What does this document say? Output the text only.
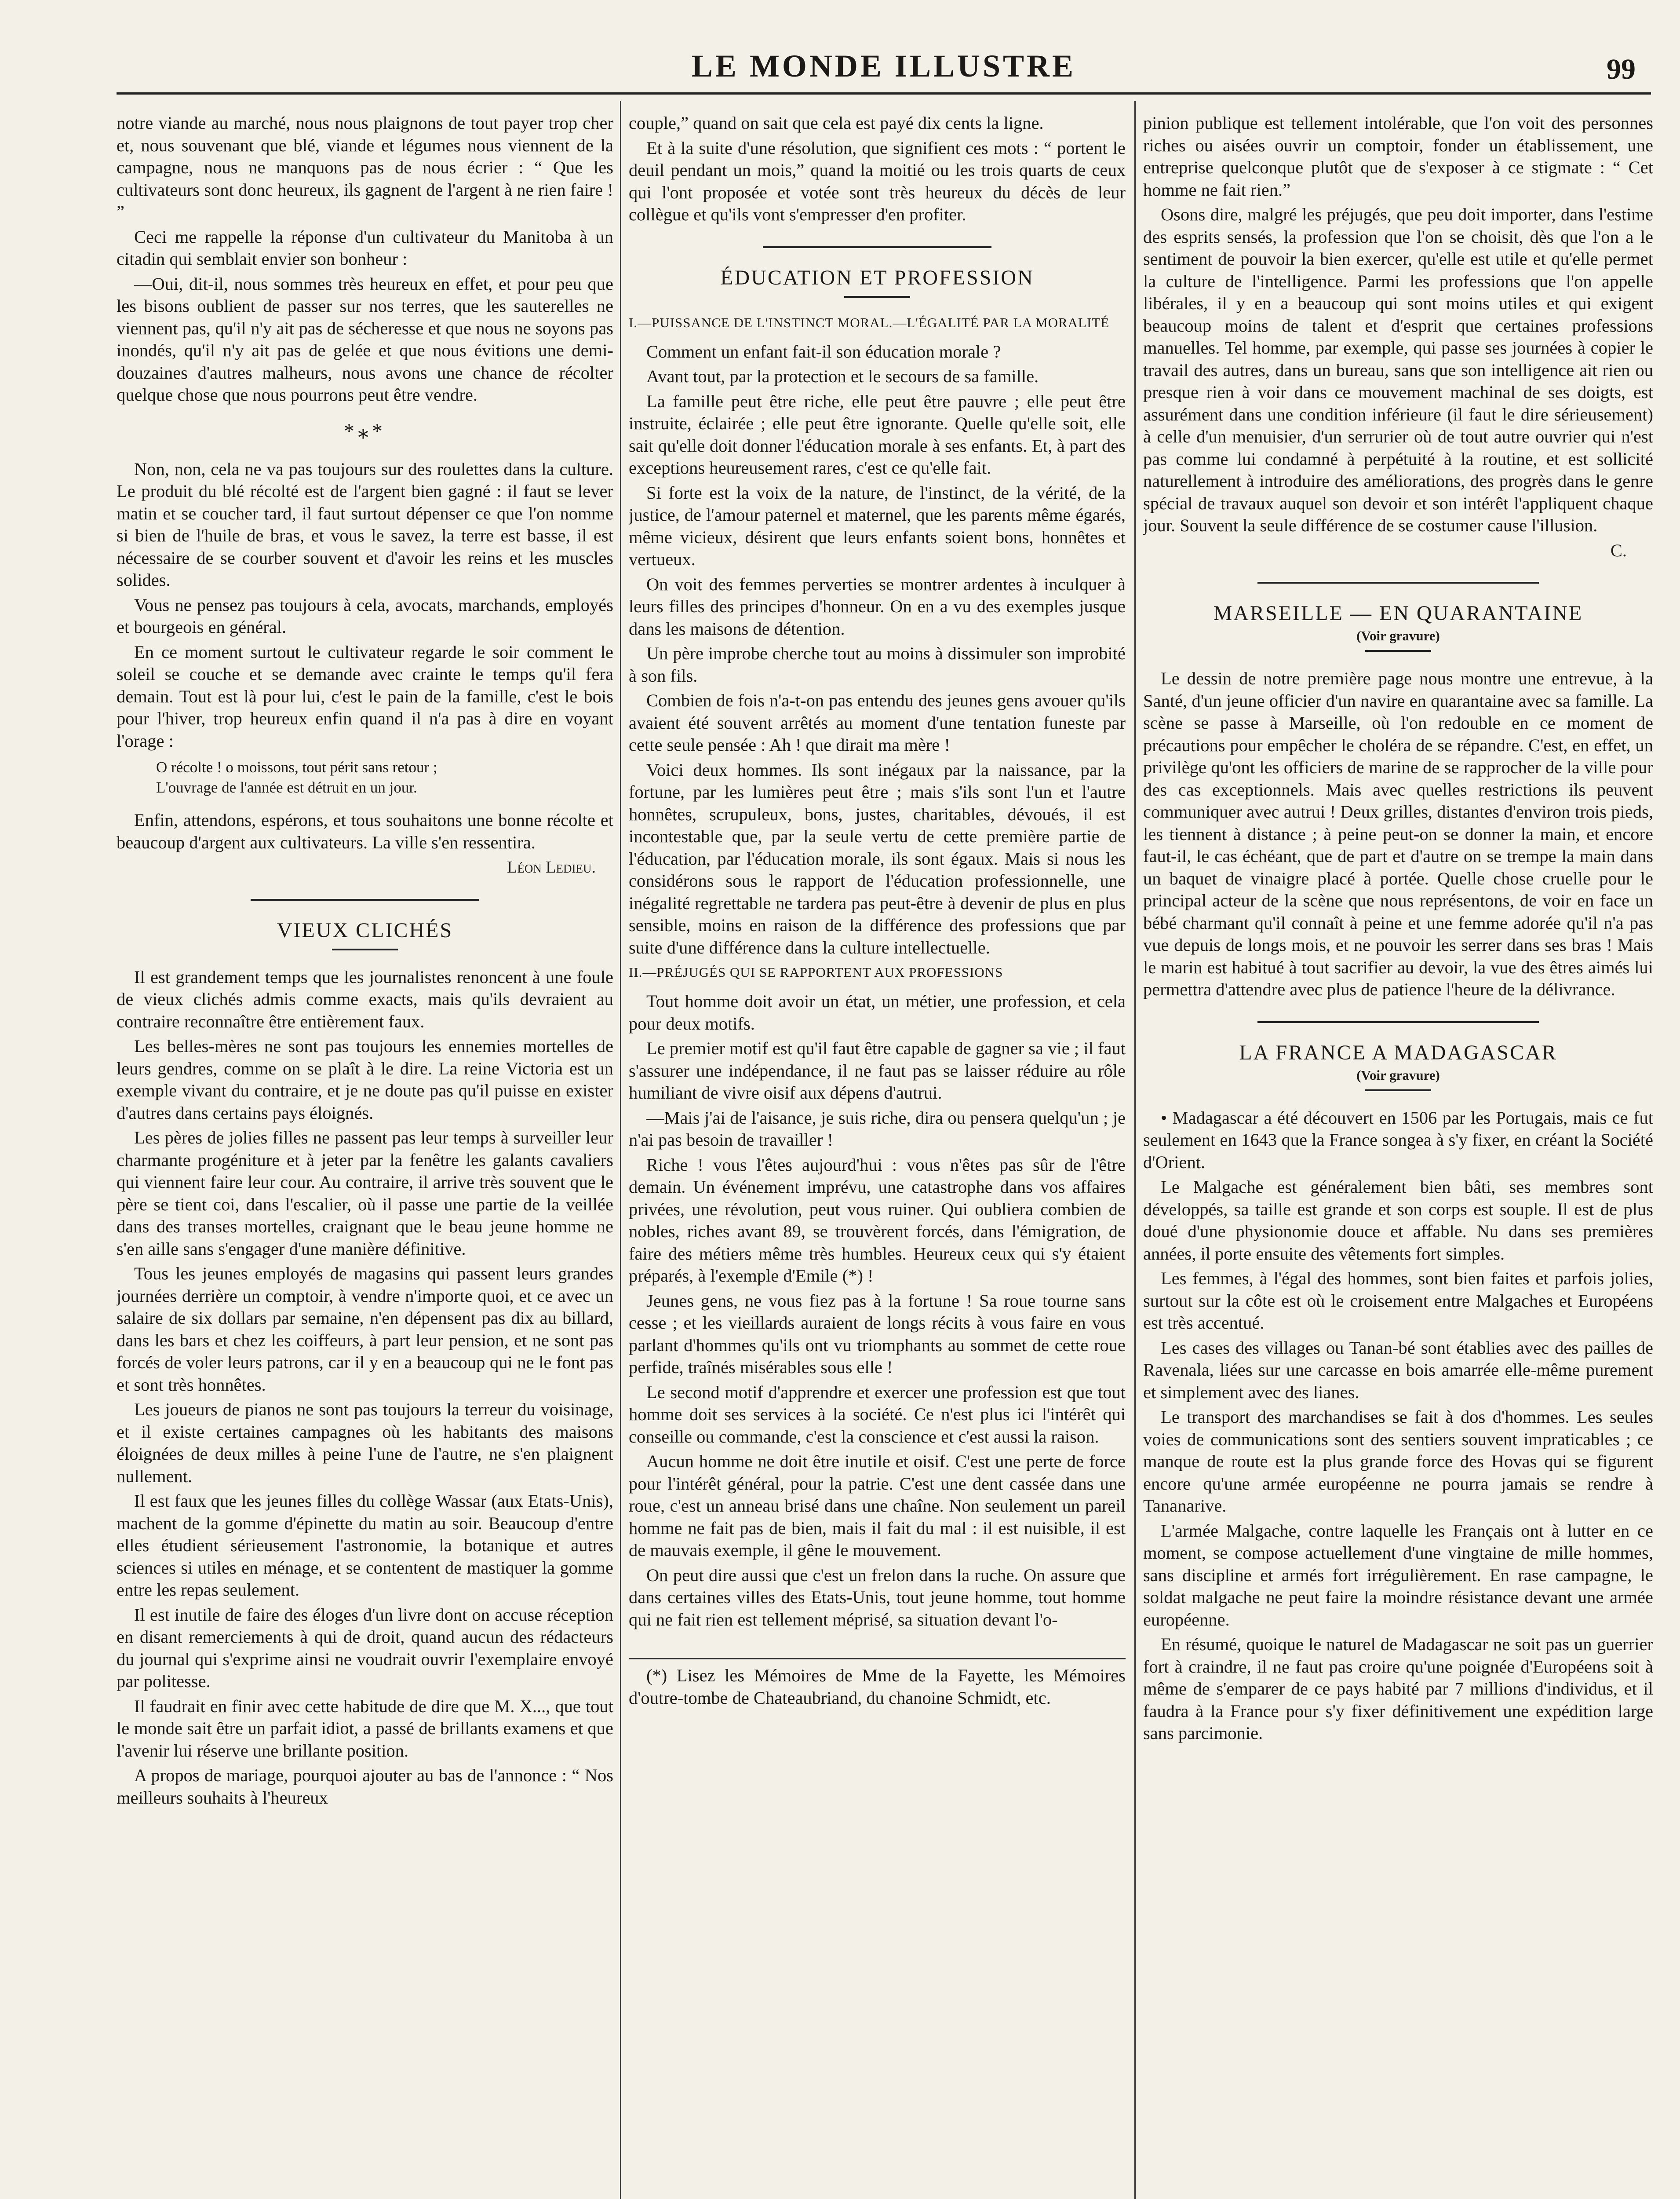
LE MONDE ILLUSTRE	99

notre viande au marché, nous nous plaignons de tout payer trop cher et, nous souvenant que blé, viande et légumes nous viennent de la campagne, nous ne manquons pas de nous écrier : “ Que les cultivateurs sont donc heureux, ils gagnent de l'argent à ne rien faire ! ”

Ceci me rappelle la réponse d'un cultivateur du Manitoba à un citadin qui semblait envier son bonheur :

—Oui, dit-il, nous sommes très heureux en effet, et pour peu que les bisons oublient de passer sur nos terres, que les sauterelles ne viennent pas, qu'il n'y ait pas de sécheresse et que nous ne soyons pas inondés, qu'il n'y ait pas de gelée et que nous évitions une demi-douzaines d'autres malheurs, nous avons une chance de récolter quelque chose que nous pourrons peut être vendre.

*⁎*

Non, non, cela ne va pas toujours sur des roulettes dans la culture. Le produit du blé récolté est de l'argent bien gagné : il faut se lever matin et se coucher tard, il faut surtout dépenser ce que l'on nomme si bien de l'huile de bras, et vous le savez, la terre est basse, il est nécessaire de se courber souvent et d'avoir les reins et les muscles solides.

Vous ne pensez pas toujours à cela, avocats, marchands, employés et bourgeois en général.

En ce moment surtout le cultivateur regarde le soir comment le soleil se couche et se demande avec crainte le temps qu'il fera demain. Tout est là pour lui, c'est le pain de la famille, c'est le bois pour l'hiver, trop heureux enfin quand il n'a pas à dire en voyant l'orage :

O récolte ! o moissons, tout périt sans retour ;
L'ouvrage de l'année est détruit en un jour.

Enfin, attendons, espérons, et tous souhaitons une bonne récolte et beaucoup d'argent aux cultivateurs. La ville s'en ressentira.

Léon Ledieu.

VIEUX CLICHÉS

Il est grandement temps que les journalistes renoncent à une foule de vieux clichés admis comme exacts, mais qu'ils devraient au contraire reconnaître être entièrement faux.

Les belles-mères ne sont pas toujours les ennemies mortelles de leurs gendres, comme on se plaît à le dire. La reine Victoria est un exemple vivant du contraire, et je ne doute pas qu'il puisse en exister d'autres dans certains pays éloignés.

Les pères de jolies filles ne passent pas leur temps à surveiller leur charmante progéniture et à jeter par la fenêtre les galants cavaliers qui viennent faire leur cour. Au contraire, il arrive très souvent que le père se tient coi, dans l'escalier, où il passe une partie de la veillée dans des transes mortelles, craignant que le beau jeune homme ne s'en aille sans s'engager d'une manière définitive.

Tous les jeunes employés de magasins qui passent leurs grandes journées derrière un comptoir, à vendre n'importe quoi, et ce avec un salaire de six dollars par semaine, n'en dépensent pas dix au billard, dans les bars et chez les coiffeurs, à part leur pension, et ne sont pas forcés de voler leurs patrons, car il y en a beaucoup qui ne le font pas et sont très honnêtes.

Les joueurs de pianos ne sont pas toujours la terreur du voisinage, et il existe certaines campagnes où les habitants des maisons éloignées de deux milles à peine l'une de l'autre, ne s'en plaignent nullement.

Il est faux que les jeunes filles du collège Wassar (aux Etats-Unis), machent de la gomme d'épinette du matin au soir. Beaucoup d'entre elles étudient sérieusement l'astronomie, la botanique et autres sciences si utiles en ménage, et se contentent de mastiquer la gomme entre les repas seulement.

Il est inutile de faire des éloges d'un livre dont on accuse réception en disant remerciements à qui de droit, quand aucun des rédacteurs du journal qui s'exprime ainsi ne voudrait ouvrir l'exemplaire envoyé par politesse.

Il faudrait en finir avec cette habitude de dire que M. X..., que tout le monde sait être un parfait idiot, a passé de brillants examens et que l'avenir lui réserve une brillante position.

A propos de mariage, pourquoi ajouter au bas de l'annonce : “ Nos meilleurs souhaits à l'heureux

couple,” quand on sait que cela est payé dix cents la ligne.

Et à la suite d'une résolution, que signifient ces mots : “ portent le deuil pendant un mois,” quand la moitié ou les trois quarts de ceux qui l'ont proposée et votée sont très heureux du décès de leur collègue et qu'ils vont s'empresser d'en profiter.

ÉDUCATION ET PROFESSION
I.—PUISSANCE DE L'INSTINCT MORAL.—L'ÉGALITÉ PAR LA MORALITÉ

Comment un enfant fait-il son éducation morale ?

Avant tout, par la protection et le secours de sa famille.

La famille peut être riche, elle peut être pauvre ; elle peut être instruite, éclairée ; elle peut être ignorante. Quelle qu'elle soit, elle sait qu'elle doit donner l'éducation morale à ses enfants. Et, à part des exceptions heureusement rares, c'est ce qu'elle fait.

Si forte est la voix de la nature, de l'instinct, de la vérité, de la justice, de l'amour paternel et maternel, que les parents même égarés, même vicieux, désirent que leurs enfants soient bons, honnêtes et vertueux.

On voit des femmes perverties se montrer ardentes à inculquer à leurs filles des principes d'honneur. On en a vu des exemples jusque dans les maisons de détention.

Un père improbe cherche tout au moins à dissimuler son improbité à son fils.

Combien de fois n'a-t-on pas entendu des jeunes gens avouer qu'ils avaient été souvent arrêtés au moment d'une tentation funeste par cette seule pensée : Ah ! que dirait ma mère !

Voici deux hommes. Ils sont inégaux par la naissance, par la fortune, par les lumières peut être ; mais s'ils sont l'un et l'autre honnêtes, scrupuleux, bons, justes, charitables, dévoués, il est incontestable que, par la seule vertu de cette première partie de l'éducation, par l'éducation morale, ils sont égaux. Mais si nous les considérons sous le rapport de l'éducation professionnelle, une inégalité regrettable ne tardera pas peut-être à devenir de plus en plus sensible, moins en raison de la différence des professions que par suite d'une différence dans la culture intellectuelle.

II.—PRÉJUGÉS QUI SE RAPPORTENT AUX PROFESSIONS

Tout homme doit avoir un état, un métier, une profession, et cela pour deux motifs.

Le premier motif est qu'il faut être capable de gagner sa vie ; il faut s'assurer une indépendance, il ne faut pas se laisser réduire au rôle humiliant de vivre oisif aux dépens d'autrui.

—Mais j'ai de l'aisance, je suis riche, dira ou pensera quelqu'un ; je n'ai pas besoin de travailler !

Riche ! vous l'êtes aujourd'hui : vous n'êtes pas sûr de l'être demain. Un événement imprévu, une catastrophe dans vos affaires privées, une révolution, peut vous ruiner. Qui oubliera combien de nobles, riches avant 89, se trouvèrent forcés, dans l'émigration, de faire des métiers même très humbles. Heureux ceux qui s'y étaient préparés, à l'exemple d'Emile (*) !

Jeunes gens, ne vous fiez pas à la fortune ! Sa roue tourne sans cesse ; et les vieillards auraient de longs récits à vous faire en vous parlant d'hommes qu'ils ont vu triomphants au sommet de cette roue perfide, traînés misérables sous elle !

Le second motif d'apprendre et exercer une profession est que tout homme doit ses services à la société. Ce n'est plus ici l'intérêt qui conseille ou commande, c'est la conscience et c'est aussi la raison.

Aucun homme ne doit être inutile et oisif. C'est une perte de force pour l'intérêt général, pour la patrie. C'est une dent cassée dans une roue, c'est un anneau brisé dans une chaîne. Non seulement un pareil homme ne fait pas de bien, mais il fait du mal : il est nuisible, il est de mauvais exemple, il gêne le mouvement.

On peut dire aussi que c'est un frelon dans la ruche. On assure que dans certaines villes des Etats-Unis, tout jeune homme, tout homme qui ne fait rien est tellement méprisé, sa situation devant l'o-

(*) Lisez les Mémoires de Mme de la Fayette, les Mémoires d'outre-tombe de Chateaubriand, du chanoine Schmidt, etc.

pinion publique est tellement intolérable, que l'on voit des personnes riches ou aisées ouvrir un comptoir, fonder un établissement, une entreprise quelconque plutôt que de s'exposer à ce stigmate : “ Cet homme ne fait rien.”

Osons dire, malgré les préjugés, que peu doit importer, dans l'estime des esprits sensés, la profession que l'on se choisit, dès que l'on a le sentiment de pouvoir la bien exercer, qu'elle est utile et qu'elle permet la culture de l'intelligence. Parmi les professions que l'on appelle libérales, il y en a beaucoup qui sont moins utiles et qui exigent beaucoup moins de talent et d'esprit que certaines professions manuelles. Tel homme, par exemple, qui passe ses journées à copier le travail des autres, dans un bureau, sans que son intelligence ait rien ou presque rien à voir dans ce mouvement machinal de ses doigts, est assurément dans une condition inférieure (il faut le dire sérieusement) à celle d'un menuisier, d'un serrurier où de tout autre ouvrier qui n'est pas comme lui condamné à perpétuité à la routine, et est sollicité naturellement à introduire des améliorations, des progrès dans le genre spécial de travaux auquel son devoir et son intérêt l'appliquent chaque jour. Souvent la seule différence de se costumer cause l'illusion.

C.

MARSEILLE — EN QUARANTAINE
(Voir gravure)

Le dessin de notre première page nous montre une entrevue, à la Santé, d'un jeune officier d'un navire en quarantaine avec sa famille. La scène se passe à Marseille, où l'on redouble en ce moment de précautions pour empêcher le choléra de se répandre. C'est, en effet, un privilège qu'ont les officiers de marine de se rapprocher de la ville pour des cas exceptionnels. Mais avec quelles restrictions ils peuvent communiquer avec autrui ! Deux grilles, distantes d'environ trois pieds, les tiennent à distance ; à peine peut-on se donner la main, et encore faut-il, le cas échéant, que de part et d'autre on se trempe la main dans un baquet de vinaigre placé à portée. Quelle chose cruelle pour le principal acteur de la scène que nous représentons, de voir en face un bébé charmant qu'il connaît à peine et une femme adorée qu'il n'a pas vue depuis de longs mois, et ne pouvoir les serrer dans ses bras ! Mais le marin est habitué à tout sacrifier au devoir, la vue des êtres aimés lui permettra d'attendre avec plus de patience l'heure de la délivrance.

LA FRANCE A MADAGASCAR
(Voir gravure)

• Madagascar a été découvert en 1506 par les Portugais, mais ce fut seulement en 1643 que la France songea à s'y fixer, en créant la Société d'Orient.

Le Malgache est généralement bien bâti, ses membres sont développés, sa taille est grande et son corps est souple. Il est de plus doué d'une physionomie douce et affable. Nu dans ses premières années, il porte ensuite des vêtements fort simples.

Les femmes, à l'égal des hommes, sont bien faites et parfois jolies, surtout sur la côte est où le croisement entre Malgaches et Européens est très accentué.

Les cases des villages ou Tanan-bé sont établies avec des pailles de Ravenala, liées sur une carcasse en bois amarrée elle-même purement et simplement avec des lianes.

Le transport des marchandises se fait à dos d'hommes. Les seules voies de communications sont des sentiers souvent impraticables ; ce manque de route est la plus grande force des Hovas qui se figurent encore qu'une armée européenne ne pourra jamais se rendre à Tananarive.

L'armée Malgache, contre laquelle les Français ont à lutter en ce moment, se compose actuellement d'une vingtaine de mille hommes, sans discipline et armés fort irrégulièrement. En rase campagne, le soldat malgache ne peut faire la moindre résistance devant une armée européenne.

En résumé, quoique le naturel de Madagascar ne soit pas un guerrier fort à craindre, il ne faut pas croire qu'une poignée d'Européens soit à même de s'emparer de ce pays habité par 7 millions d'individus, et il faudra à la France pour s'y fixer définitivement une expédition large sans parcimonie.
